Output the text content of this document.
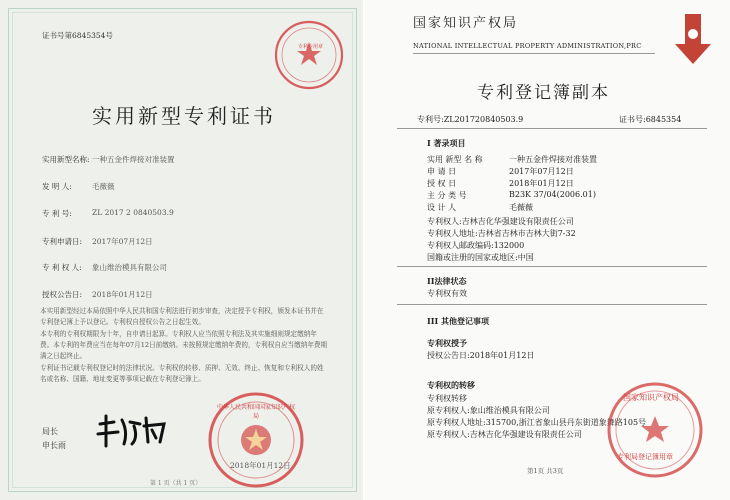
证书号第6845354号
专利专用章
实用新型专利证书
实用新型名称: 一种五金件焊接对准装置
发 明 人:	毛薇薇
专 利 号:	ZL 2017 2 0840503.9
专利申请日: 2017年07月12日
专 利 权 人: 象山维治模具有限公司
授权公告日: 2018年01月12日
本实用新型经过本局依照中华人民共和国专利法进行初步审查，决定授予专利权，颁发本证书并在专利登记簿上予以登记。专利权自授权公告之日起生效。
本专利的专利权期限为十年，自申请日起算。专利权人应当依照专利法及其实施细则规定缴纳年费。本专利的年费应当在每年07月12日前缴纳。未按照规定缴纳年费的，专利权自应当缴纳年费期满之日起终止。
专利证书记载专利权登记时的法律状况。专利权的转移、质押、无效、终止、恢复和专利权人的姓名或名称、国籍、地址变更等事项记载在专利登记簿上。
局长
申长雨
中华人民共和国国家知识产权局
2018年01月12日
第 1 页（共 1 页）
国家知识产权局
NATIONAL INTELLECTUAL PROPERTY ADMINISTRATION,PRC
专利登记簿副本
专利号:ZL201720840503.9	证书号:6845354
I 著录项目
实用 新型 名 称	一种五金件焊接对准装置
申 请 日	2017年07月12日
授 权 日	2018年01月12日
主 分 类 号	B23K 37/04(2006.01)
设 计 人	毛薇薇
专利权人:吉林吉化华强建设有限责任公司
专利权人地址:吉林省吉林市吉林大街7-32
专利权人邮政编码:132000
国籍或注册的国家或地区:中国
II法律状态
专利权有效
III 其他登记事项
专利权授予
授权公告日:2018年01月12日
专利权的转移
专利权转移
原专利权人:象山维治模具有限公司
原专利权人地址:315700,浙江省象山县丹东街道象舞路105号
原专利权人:吉林吉化华强建设有限责任公司
国家知识产权局
专利局登记簿用章
第1页 共3页
